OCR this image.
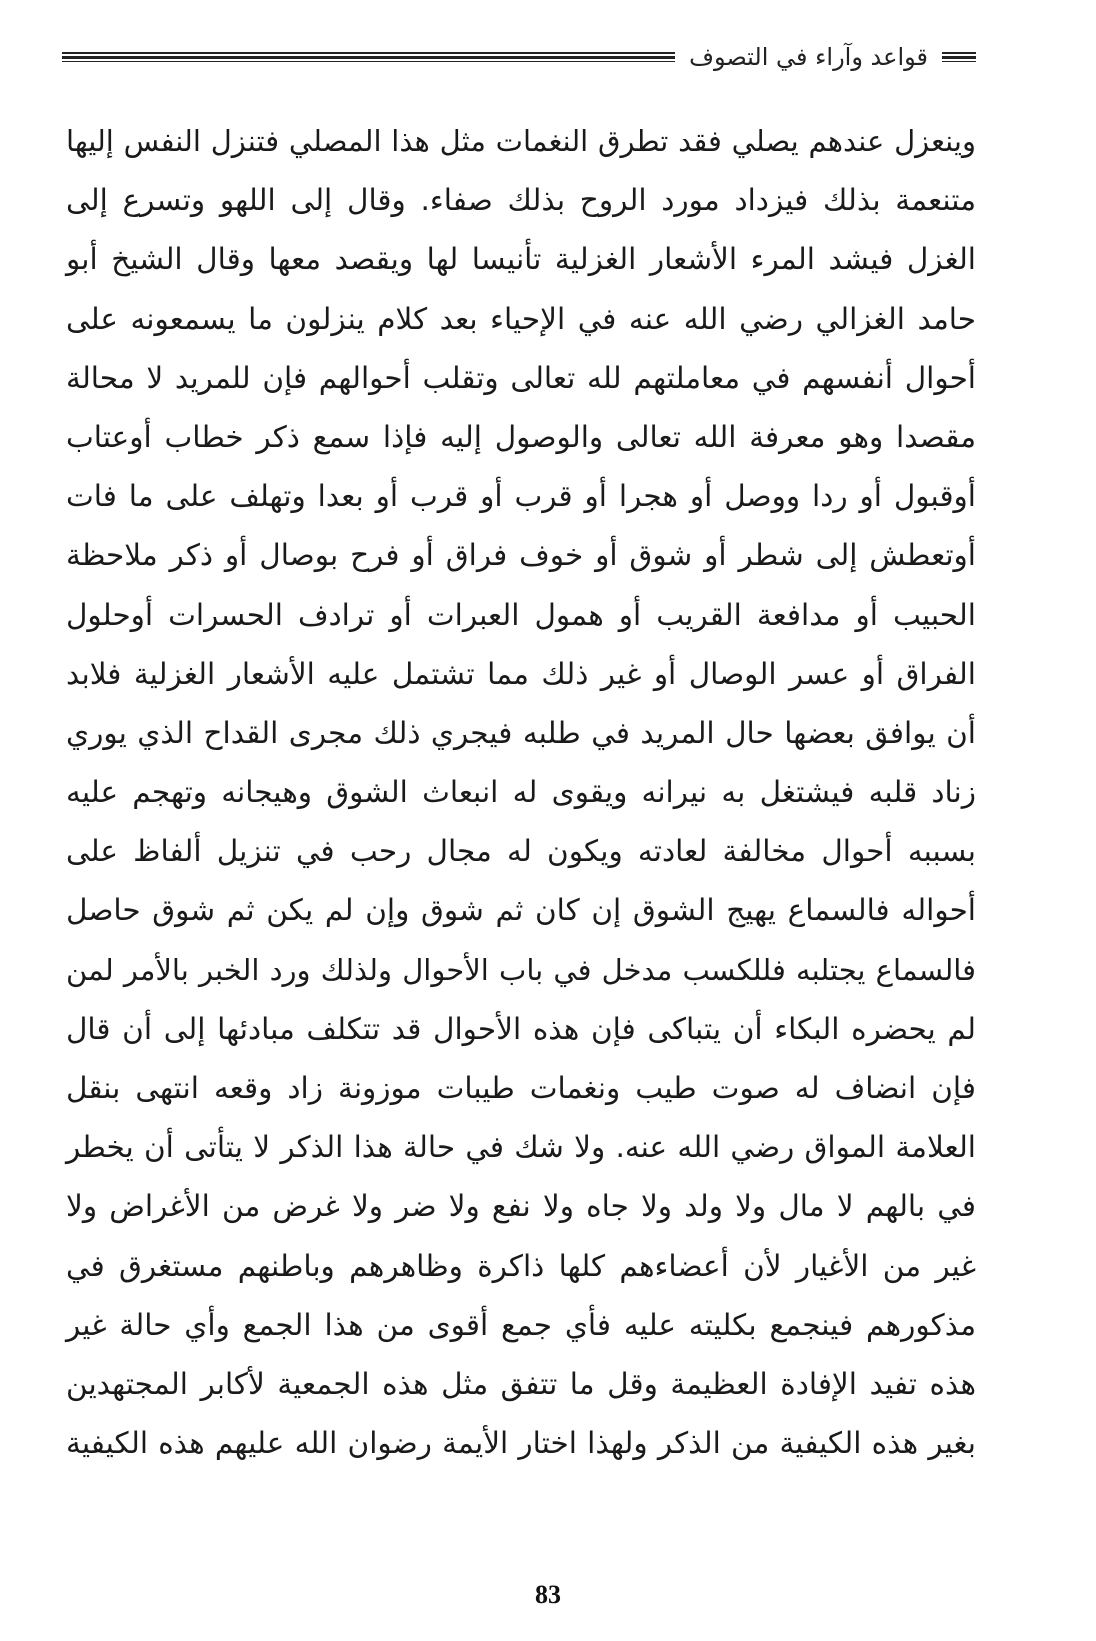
قواعد وآراء في التصوف
وينعزل عندهم يصلي فقد تطرق النغمات مثل هذا المصلي فتنزل النفس إليها
متنعمة بذلك فيزداد مورد الروح بذلك صفاء. وقال إلى اللهو وتسرع إلى
الغزل فيشد المرء الأشعار الغزلية تأنيسا لها ويقصد معها وقال الشيخ أبو
حامد الغزالي رضي الله عنه في الإحياء بعد كلام ينزلون ما يسمعونه على
أحوال أنفسهم في معاملتهم لله تعالى وتقلب أحوالهم فإن للمريد لا محالة
مقصدا وهو معرفة الله تعالى والوصول إليه فإذا سمع ذكر خطاب أوعتاب
أوقبول أو ردا ووصل أو هجرا أو قرب أو قرب أو بعدا وتهلف على ما فات
أوتعطش إلى شطر أو شوق أو خوف فراق أو فرح بوصال أو ذكر ملاحظة
الحبيب أو مدافعة القريب أو همول العبرات أو ترادف الحسرات أوحلول
الفراق أو عسر الوصال أو غير ذلك مما تشتمل عليه الأشعار الغزلية فلابد
أن يوافق بعضها حال المريد في طلبه فيجري ذلك مجرى القداح الذي يوري
زناد قلبه فيشتغل به نيرانه ويقوى له انبعاث الشوق وهيجانه وتهجم عليه
بسببه أحوال مخالفة لعادته ويكون له مجال رحب في تنزيل ألفاظ على
أحواله فالسماع يهيج الشوق إن كان ثم شوق وإن لم يكن ثم شوق حاصل
فالسماع يجتلبه فللكسب مدخل في باب الأحوال ولذلك ورد الخبر بالأمر لمن
لم يحضره البكاء أن يتباكى فإن هذه الأحوال قد تتكلف مبادئها إلى أن قال
فإن انضاف له صوت طيب ونغمات طيبات موزونة زاد وقعه انتهى بنقل
العلامة المواق رضي الله عنه. ولا شك في حالة هذا الذكر لا يتأتى أن يخطر
في بالهم لا مال ولا ولد ولا جاه ولا نفع ولا ضر ولا غرض من الأغراض ولا
غير من الأغيار لأن أعضاءهم كلها ذاكرة وظاهرهم وباطنهم مستغرق في
مذكورهم فينجمع بكليته عليه فأي جمع أقوى من هذا الجمع وأي حالة غير
هذه تفيد الإفادة العظيمة وقل ما تتفق مثل هذه الجمعية لأكابر المجتهدين
بغير هذه الكيفية من الذكر ولهذا اختار الأيمة رضوان الله عليهم هذه الكيفية
83
